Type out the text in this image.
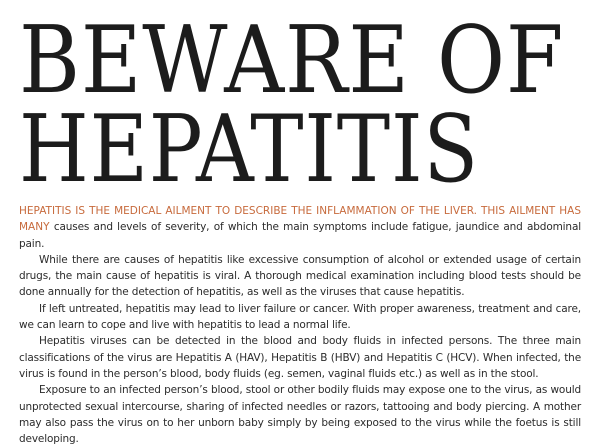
BEWARE OF
HEPATITIS

HEPATITIS IS THE MEDICAL AILMENT TO DESCRIBE THE INFLAMMATION OF THE LIVER. THIS AILMENT HAS MANY causes and levels of severity, of which the main symptoms include fatigue, jaundice and abdominal pain.

While there are causes of hepatitis like excessive consumption of alcohol or extended usage of certain drugs, the main cause of hepatitis is viral. A thorough medical examination including blood tests should be done annually for the detection of hepatitis, as well as the viruses that cause hepatitis.

If left untreated, hepatitis may lead to liver failure or cancer. With proper awareness, treatment and care, we can learn to cope and live with hepatitis to lead a normal life.

Hepatitis viruses can be detected in the blood and body fluids in infected persons. The three main classifications of the virus are Hepatitis A (HAV), Hepatitis B (HBV) and Hepatitis C (HCV). When infected, the virus is found in the person’s blood, body fluids (eg. semen, vaginal fluids etc.) as well as in the stool.

Exposure to an infected person’s blood, stool or other bodily fluids may expose one to the virus, as would unprotected sexual intercourse, sharing of infected needles or razors, tattooing and body piercing. A mother may also pass the virus on to her unborn baby simply by being exposed to the virus while the foetus is still developing.
